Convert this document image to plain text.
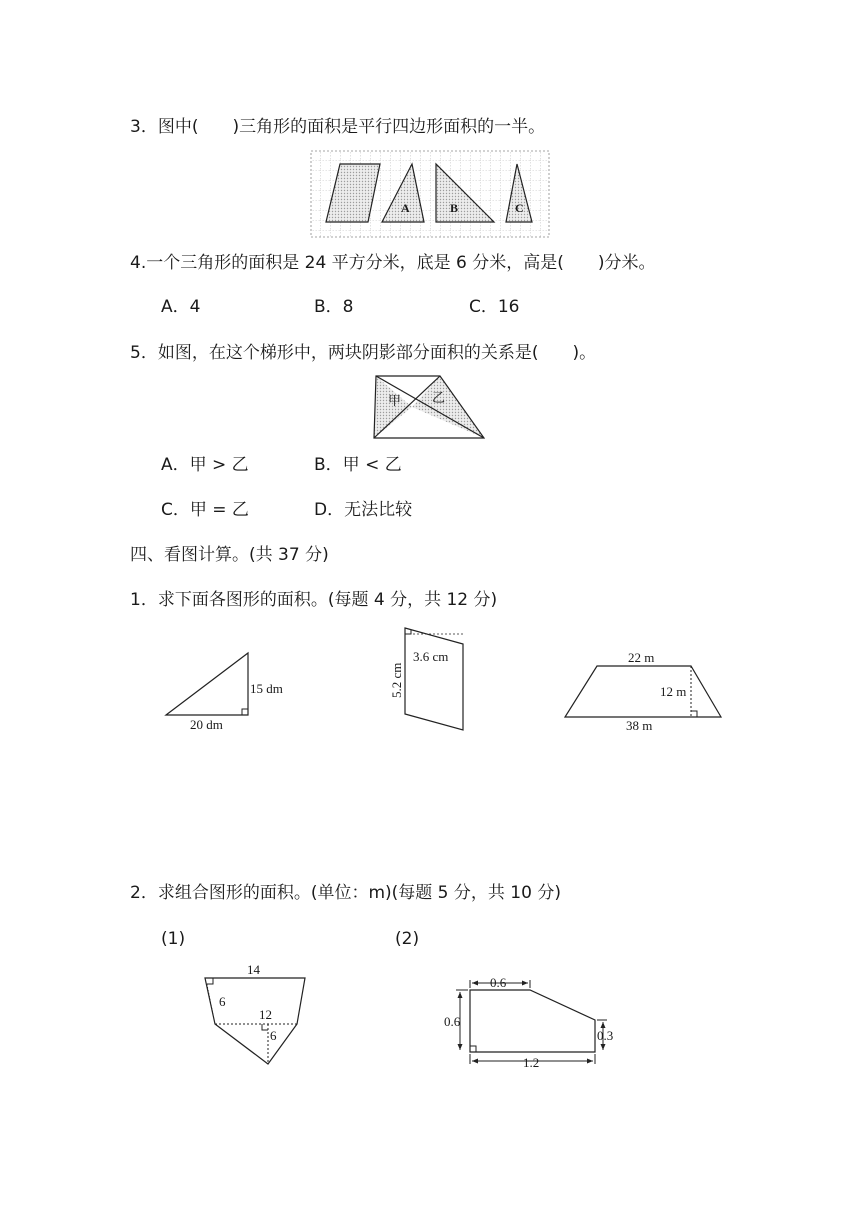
3．图中(　　)三角形的面积是平行四边形面积的一半。
A	B	C
4.一个三角形的面积是 24 平方分米，底是 6 分米，高是(　　)分米。
A．4	B．8	C．16
5．如图，在这个梯形中，两块阴影部分面积的关系是(　　)。
甲 乙
A．甲 > 乙	B．甲 < 乙
C．甲 = 乙	D．无法比较
四、看图计算。(共 37 分)
1．求下面各图形的面积。(每题 4 分，共 12 分)
15 dm
20 dm
3.6 cm
5.2 cm
22 m
12 m
38 m
2．求组合图形的面积。(单位：m)(每题 5 分，共 10 分)
(1)	(2)
14
6
12
6
0.6
0.6
0.3
1.2
